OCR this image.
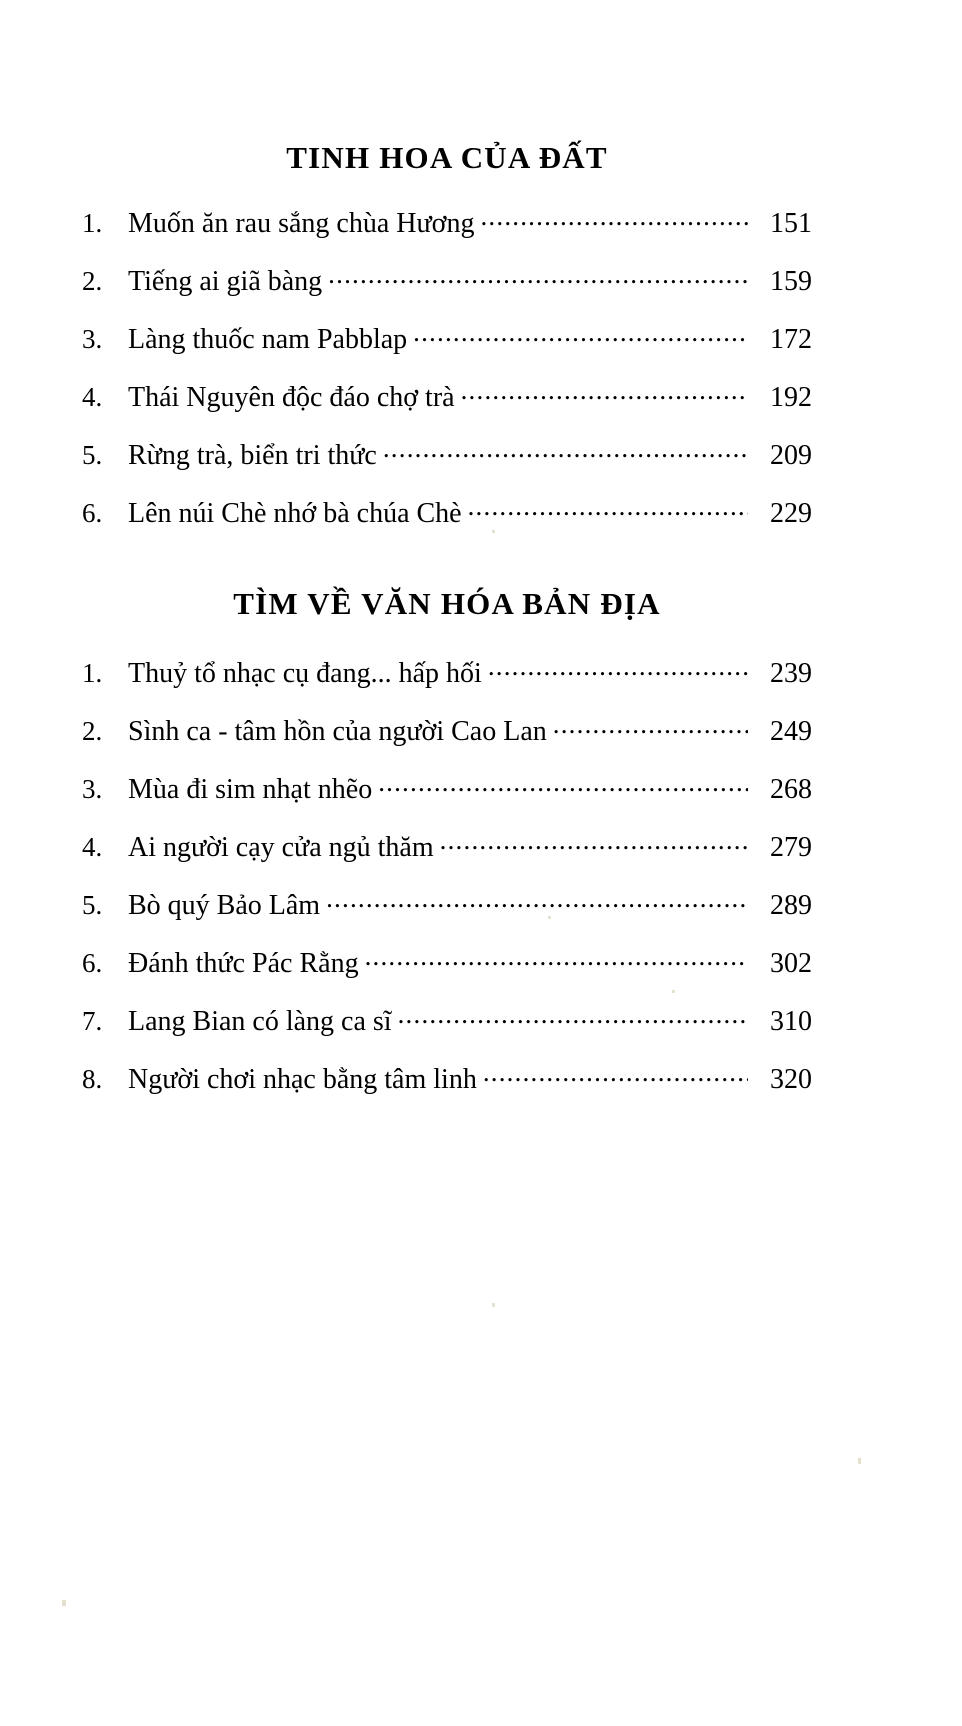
TINH HOA CỦA ĐẤT
1. Muốn ăn rau sắng chùa Hương .....	151
2. Tiếng ai giã bàng .....	159
3. Làng thuốc nam Pabblap .....	172
4. Thái Nguyên độc đáo chợ trà .....	192
5. Rừng trà, biển tri thức .....	209
6. Lên núi Chè nhớ bà chúa Chè .....	229
TÌM VỀ VĂN HÓA BẢN ĐỊA
1. Thuỷ tổ nhạc cụ đang... hấp hối .....	239
2. Sình ca - tâm hồn của người Cao Lan .....	249
3. Mùa đi sim nhạt nhẽo .....	268
4. Ai người cạy cửa ngủ thăm .....	279
5. Bò quý Bảo Lâm .....	289
6. Đánh thức Pác Rằng .....	302
7. Lang Bian có làng ca sĩ .....	310
8. Người chơi nhạc bằng tâm linh .....	320
